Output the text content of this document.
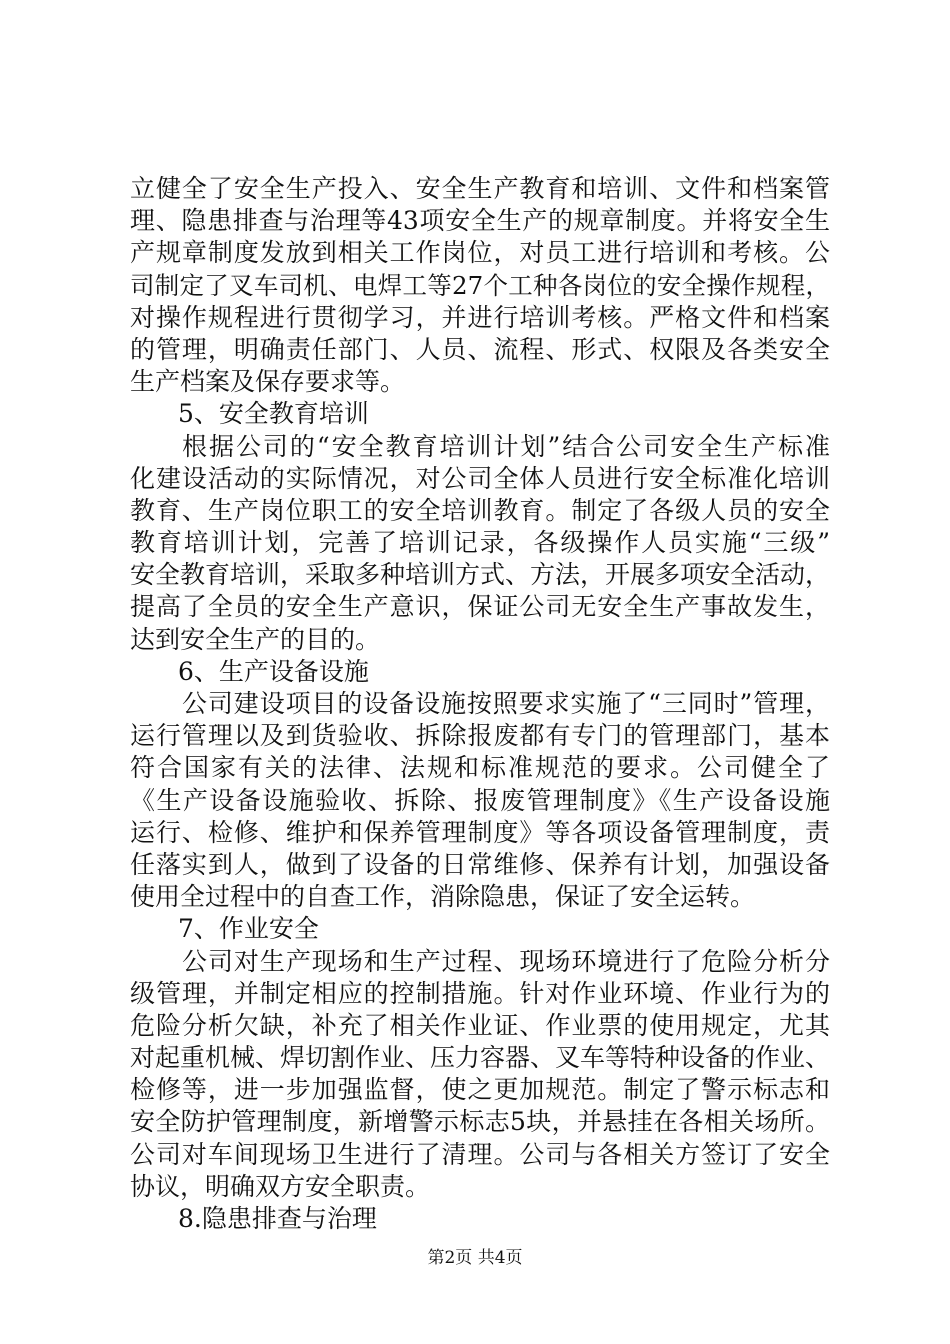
立健全了安全生产投入、安全生产教育和培训、文件和档案管
理、隐患排查与治理等43项安全生产的规章制度。并将安全生
产规章制度发放到相关工作岗位，对员工进行培训和考核。公
司制定了叉车司机、电焊工等27个工种各岗位的安全操作规程，
对操作规程进行贯彻学习，并进行培训考核。严格文件和档案
的管理，明确责任部门、人员、流程、形式、权限及各类安全
生产档案及保存要求等。
5、安全教育培训
根据公司的“安全教育培训计划”结合公司安全生产标准
化建设活动的实际情况，对公司全体人员进行安全标准化培训
教育、生产岗位职工的安全培训教育。制定了各级人员的安全
教育培训计划，完善了培训记录，各级操作人员实施“三级”
安全教育培训，采取多种培训方式、方法，开展多项安全活动，
提高了全员的安全生产意识，保证公司无安全生产事故发生，
达到安全生产的目的。
6、生产设备设施
公司建设项目的设备设施按照要求实施了“三同时”管理，
运行管理以及到货验收、拆除报废都有专门的管理部门，基本
符合国家有关的法律、法规和标准规范的要求。公司健全了
《生产设备设施验收、拆除、报废管理制度》《生产设备设施
运行、检修、维护和保养管理制度》等各项设备管理制度，责
任落实到人，做到了设备的日常维修、保养有计划，加强设备
使用全过程中的自查工作，消除隐患，保证了安全运转。
7、作业安全
公司对生产现场和生产过程、现场环境进行了危险分析分
级管理，并制定相应的控制措施。针对作业环境、作业行为的
危险分析欠缺，补充了相关作业证、作业票的使用规定，尤其
对起重机械、焊切割作业、压力容器、叉车等特种设备的作业、
检修等，进一步加强监督，使之更加规范。制定了警示标志和
安全防护管理制度，新增警示标志5块，并悬挂在各相关场所。
公司对车间现场卫生进行了清理。公司与各相关方签订了安全
协议，明确双方安全职责。
8.隐患排查与治理
第2页 共4页
